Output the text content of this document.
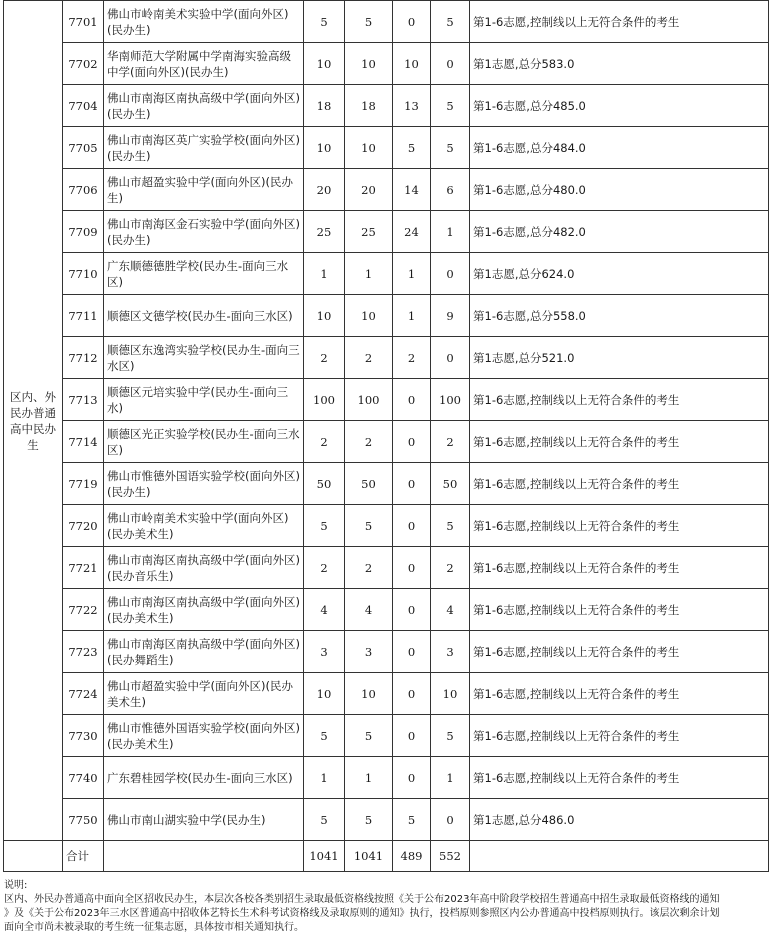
区内、外民办普通高中民办生	7701	佛山市岭南美术实验中学(面向外区)(民办生)	5	5	0	5	第1-6志愿,控制线以上无符合条件的考生
	7702	华南师范大学附属中学南海实验高级中学(面向外区)(民办生)	10	10	10	0	第1志愿,总分583.0
	7704	佛山市南海区南执高级中学(面向外区)(民办生)	18	18	13	5	第1-6志愿,总分485.0
	7705	佛山市南海区英广实验学校(面向外区)(民办生)	10	10	5	5	第1-6志愿,总分484.0
	7706	佛山市超盈实验中学(面向外区)(民办生)	20	20	14	6	第1-6志愿,总分480.0
	7709	佛山市南海区金石实验中学(面向外区)(民办生)	25	25	24	1	第1-6志愿,总分482.0
	7710	广东顺德德胜学校(民办生-面向三水区)	1	1	1	0	第1志愿,总分624.0
	7711	顺德区文德学校(民办生-面向三水区)	10	10	1	9	第1-6志愿,总分558.0
	7712	顺德区东逸湾实验学校(民办生-面向三水区)	2	2	2	0	第1志愿,总分521.0
	7713	顺德区元培实验中学(民办生-面向三水)	100	100	0	100	第1-6志愿,控制线以上无符合条件的考生
	7714	顺德区光正实验学校(民办生-面向三水区)	2	2	0	2	第1-6志愿,控制线以上无符合条件的考生
	7719	佛山市惟德外国语实验学校(面向外区)(民办生)	50	50	0	50	第1-6志愿,控制线以上无符合条件的考生
	7720	佛山市岭南美术实验中学(面向外区)(民办美术生)	5	5	0	5	第1-6志愿,控制线以上无符合条件的考生
	7721	佛山市南海区南执高级中学(面向外区)(民办音乐生)	2	2	0	2	第1-6志愿,控制线以上无符合条件的考生
	7722	佛山市南海区南执高级中学(面向外区)(民办美术生)	4	4	0	4	第1-6志愿,控制线以上无符合条件的考生
	7723	佛山市南海区南执高级中学(面向外区)(民办舞蹈生)	3	3	0	3	第1-6志愿,控制线以上无符合条件的考生
	7724	佛山市超盈实验中学(面向外区)(民办美术生)	10	10	0	10	第1-6志愿,控制线以上无符合条件的考生
	7730	佛山市惟德外国语实验学校(面向外区)(民办美术生)	5	5	0	5	第1-6志愿,控制线以上无符合条件的考生
	7740	广东碧桂园学校(民办生-面向三水区)	1	1	0	1	第1-6志愿,控制线以上无符合条件的考生
	7750	佛山市南山湖实验中学(民办生)	5	5	5	0	第1志愿,总分486.0
	合计		1041	1041	489	552	
说明:
区内、外民办普通高中面向全区招收民办生，本层次各校各类别招生录取最低资格线按照《关于公布2023年高中阶段学校招生普通高中招生录取最低资格线的通知
》及《关于公布2023年三水区普通高中招收体艺特长生术科考试资格线及录取原则的通知》执行，投档原则参照区内公办普通高中投档原则执行。该层次剩余计划
面向全市尚未被录取的考生统一征集志愿，具体按市相关通知执行。
